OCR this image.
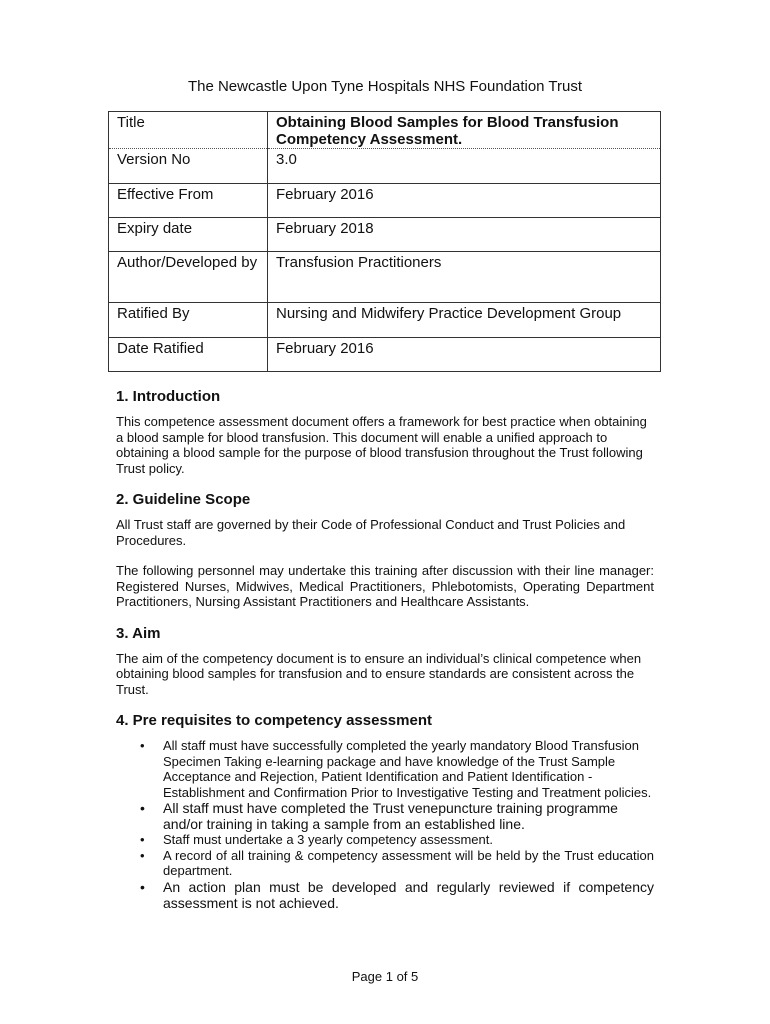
The Newcastle Upon Tyne Hospitals NHS Foundation Trust
Title	Obtaining Blood Samples for Blood Transfusion Competency Assessment.
Version No	3.0
Effective From	February 2016
Expiry date	February 2018
Author/Developed by	Transfusion Practitioners
Ratified By	Nursing and Midwifery Practice Development Group
Date Ratified	February 2016
1. Introduction

This competence assessment document offers a framework for best practice when obtaining a blood sample for blood transfusion. This document will enable a unified approach to obtaining a blood sample for the purpose of blood transfusion throughout the Trust following Trust policy.

2. Guideline Scope

All Trust staff are governed by their Code of Professional Conduct and Trust Policies and Procedures.

The following personnel may undertake this training after discussion with their line manager: Registered Nurses, Midwives, Medical Practitioners, Phlebotomists, Operating Department Practitioners, Nursing Assistant Practitioners and Healthcare Assistants.

3. Aim

The aim of the competency document is to ensure an individual’s clinical competence when obtaining blood samples for transfusion and to ensure standards are consistent across the Trust.

4. Pre requisites to competency assessment
• All staff must have successfully completed the yearly mandatory Blood Transfusion Specimen Taking e-learning package and have knowledge of the Trust Sample Acceptance and Rejection, Patient Identification and Patient Identification - Establishment and Confirmation Prior to Investigative Testing and Treatment policies.
• All staff must have completed the Trust venepuncture training programme and/or training in taking a sample from an established line.
• Staff must undertake a 3 yearly competency assessment.
• A record of all training & competency assessment will be held by the Trust education department.
• An action plan must be developed and regularly reviewed if competency assessment is not achieved.
Page 1 of 5
